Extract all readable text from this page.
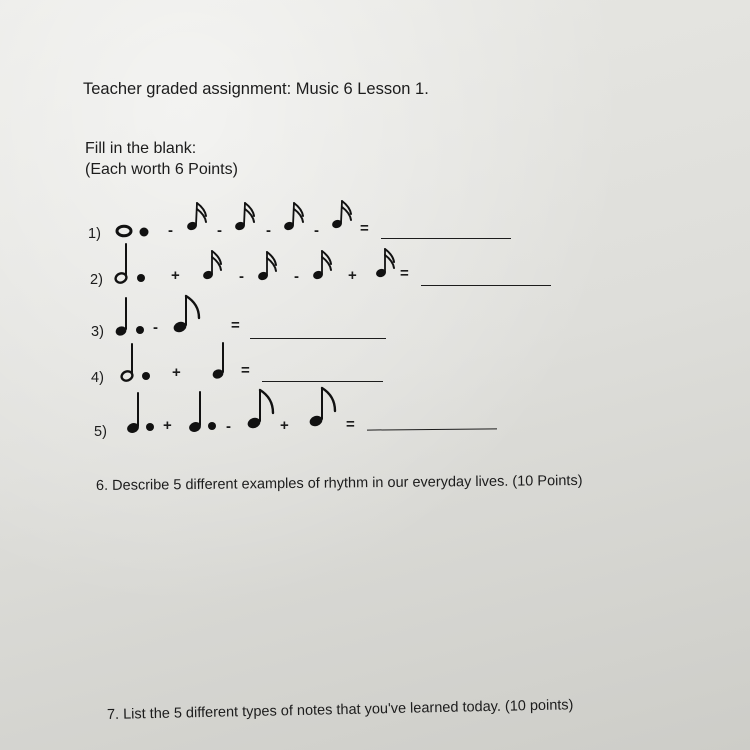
Teacher graded assignment: Music 6 Lesson 1.
Fill in the blank:
(Each worth 6 Points)
1)
2)
3)
4)
5)
-	-	-	-	=
+	-	-	+	=
-	=
+	=
+	-	+	=
6. Describe 5 different examples of rhythm in our everyday lives. (10 Points)
7. List the 5 different types of notes that you've learned today. (10 points)
